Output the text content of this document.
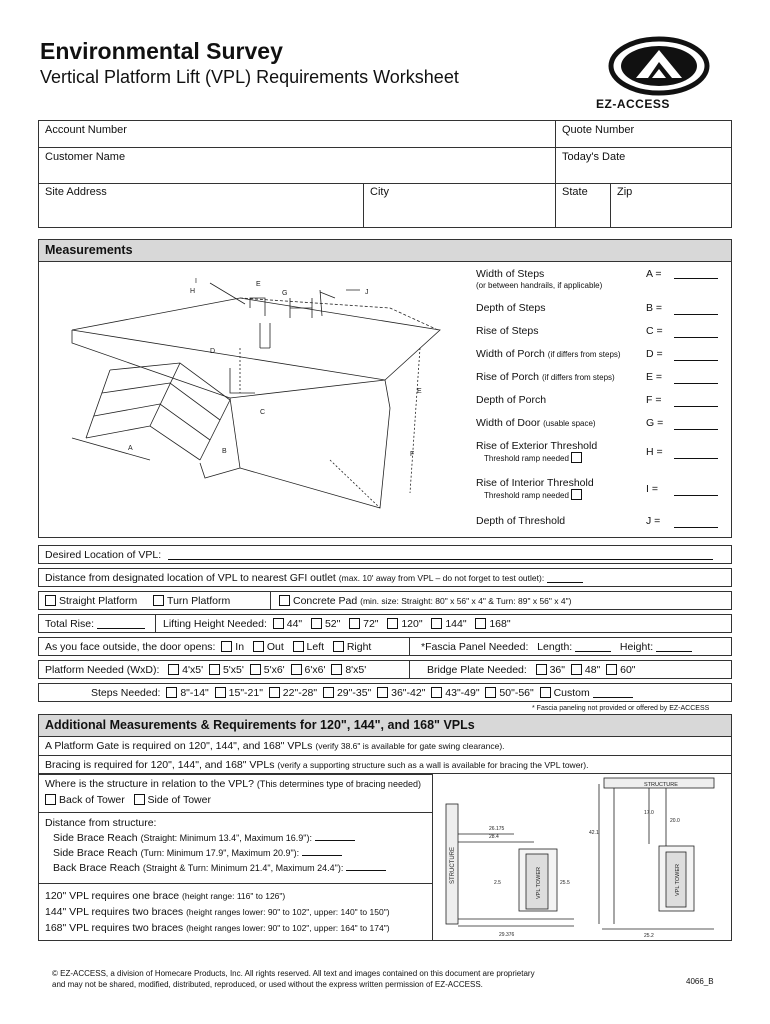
Environmental Survey
Vertical Platform Lift (VPL) Requirements Worksheet
EZ-ACCESS
Account Number	Quote Number
Customer Name	Today's Date
Site Address	City	State	Zip
Measurements
I
H
E
G	J
D
C
A	B
E
F
Width of Steps
(or between handrails, if applicable)
A =
Depth of Steps	B =
Rise of Steps	C =
Width of Porch (if differs from steps) D =
Rise of Porch (if differs from steps)	E =
Depth of Porch	F =
Width of Door (usable space)	G =
Rise of Exterior Threshold
Threshold ramp needed
H =
Rise of Interior Threshold
Threshold ramp needed
I =
Depth of Threshold	J =
Desired Location of VPL:
Distance from designated location of VPL to nearest GFI outlet (max. 10' away from VPL – do not forget to test outlet):
Straight Platform	Turn Platform	Concrete Pad (min. size: Straight: 80" x 56" x 4" & Turn: 89" x 56" x 4")
Total Rise:	Lifting Height Needed: 44" 52" 72" 120" 144" 168"
As you face outside, the door opens: In Out Left Right	*Fascia Panel Needed: Length:	Height:
Platform Needed (WxD): 4'x5' 5'x5' 5'x6' 6'x6' 8'x5'	Bridge Plate Needed: 36" 48" 60"
Steps Needed: 8"-14" 15"-21" 22"-28" 29"-35" 36"-42" 43"-49" 50"-56" Custom
* Fascia paneling not provided or offered by EZ-ACCESS
Additional Measurements & Requirements for 120", 144", and 168" VPLs
A Platform Gate is required on 120", 144", and 168" VPLs (verify 38.6" is available for gate swing clearance).
Bracing is required for 120", 144", and 168" VPLs (verify a supporting structure such as a wall is available for bracing the VPL tower).
Where is the structure in relation to the VPL? (This determines type of bracing needed)
Back of Tower Side of Tower
Distance from structure:
Side Brace Reach (Straight: Minimum 13.4", Maximum 16.9"):
Side Brace Reach (Turn: Minimum 17.9", Maximum 20.9"):
Back Brace Reach (Straight & Turn: Minimum 21.4", Maximum 24.4"):
120" VPL requires one brace (height range: 116" to 126")
144" VPL requires two braces (height ranges lower: 90" to 102", upper: 140" to 150")
168" VPL requires two braces (height ranges lower: 90" to 102", upper: 164" to 174")
STRUCTURE
26.175
28.4
VPL TOWER
29.376
2.5	25.5
STRUCTURE
42.1
17.0
20.0
VPL TOWER
25.2
© EZ-ACCESS, a division of Homecare Products, Inc. All rights reserved. All text and images contained on this document are proprietary
and may not be shared, modified, distributed, reproduced, or used without the express written permission of EZ-ACCESS.	4066_B
